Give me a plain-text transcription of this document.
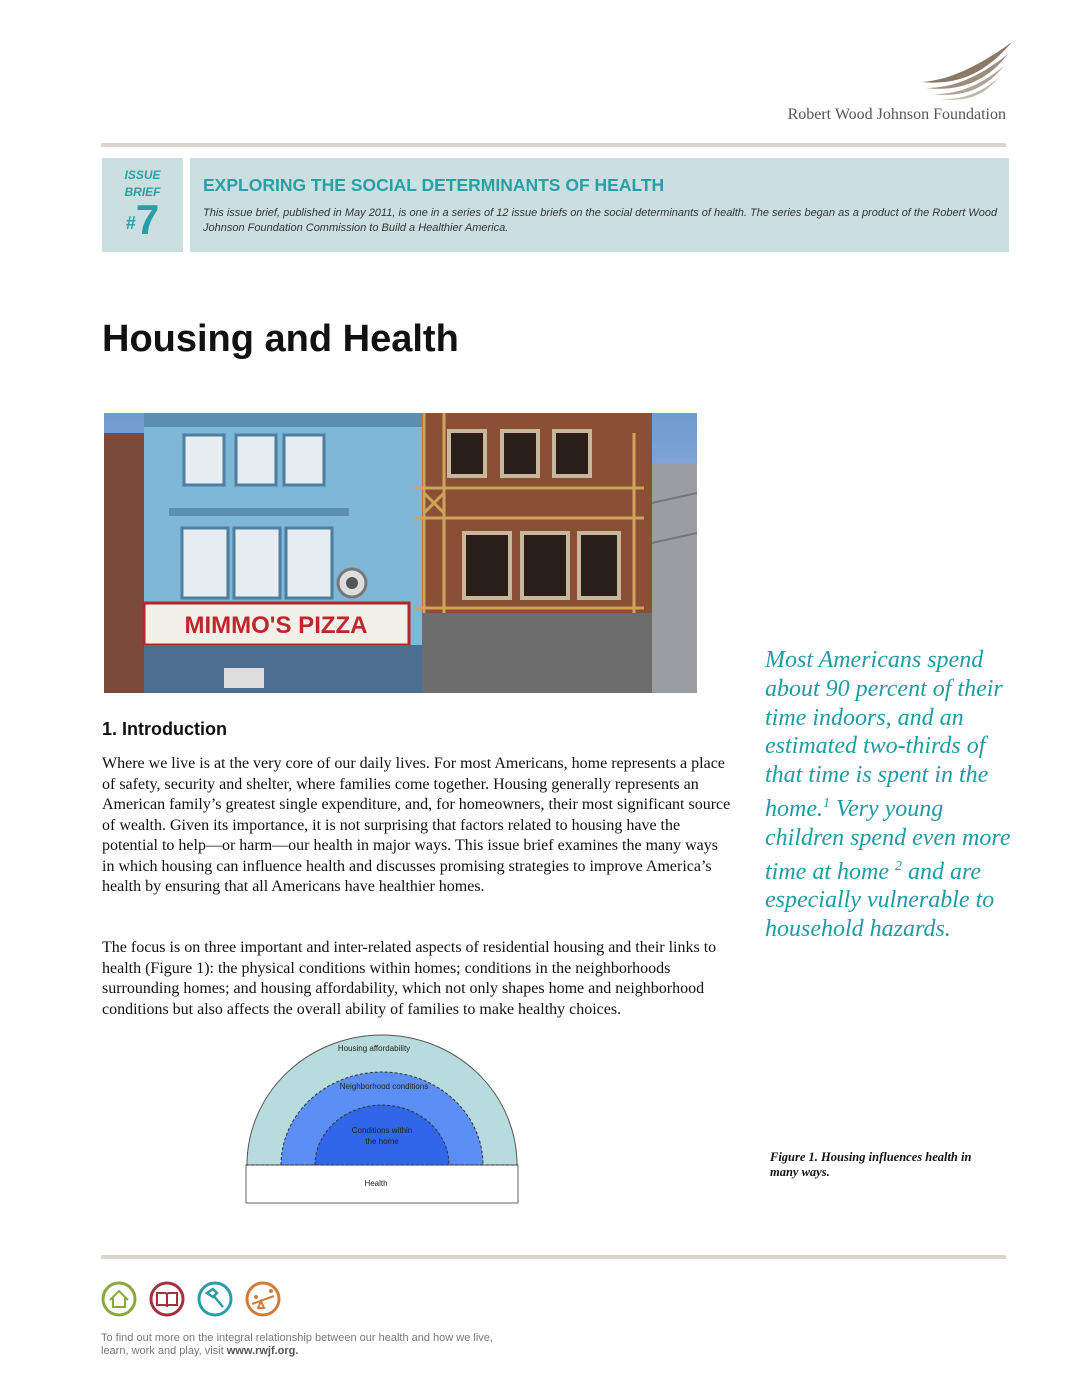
Robert Wood Johnson Foundation
ISSUE
BRIEF
#7
EXPLORING THE SOCIAL DETERMINANTS OF HEALTH
This issue brief, published in May 2011, is one in a series of 12 issue briefs on the social determinants of health. The series began as a product of the Robert Wood Johnson Foundation Commission to Build a Healthier America.
Housing and Health
MIMMO'S PIZZA
1. Introduction
Where we live is at the very core of our daily lives. For most Americans, home represents a place of safety, security and shelter, where families come together. Housing generally represents an American family’s greatest single expenditure, and, for homeowners, their most significant source of wealth. Given its importance, it is not surprising that factors related to housing have the potential to help—or harm—our health in major ways. This issue brief examines the many ways in which housing can influence health and discusses promising strategies to improve America’s health by ensuring that all Americans have healthier homes.
The focus is on three important and inter-related aspects of residential housing and their links to health (Figure 1): the physical conditions within homes; conditions in the neighborhoods surrounding homes; and housing affordability, which not only shapes home and neighborhood conditions but also affects the overall ability of families to make healthy choices.
Most Americans spend about 90 percent of their time indoors, and an estimated two-thirds of that time is spent in the home.$^1$ Very young children spend even more time at home $^2$ and are especially vulnerable to household hazards.
Housing affordability
Neighborhood conditions
Conditions within
the home
Health
Figure 1. Housing influences health in many ways.
To find out more on the integral relationship between our health and how we live, learn, work and play, visit www.rwjf.org.
